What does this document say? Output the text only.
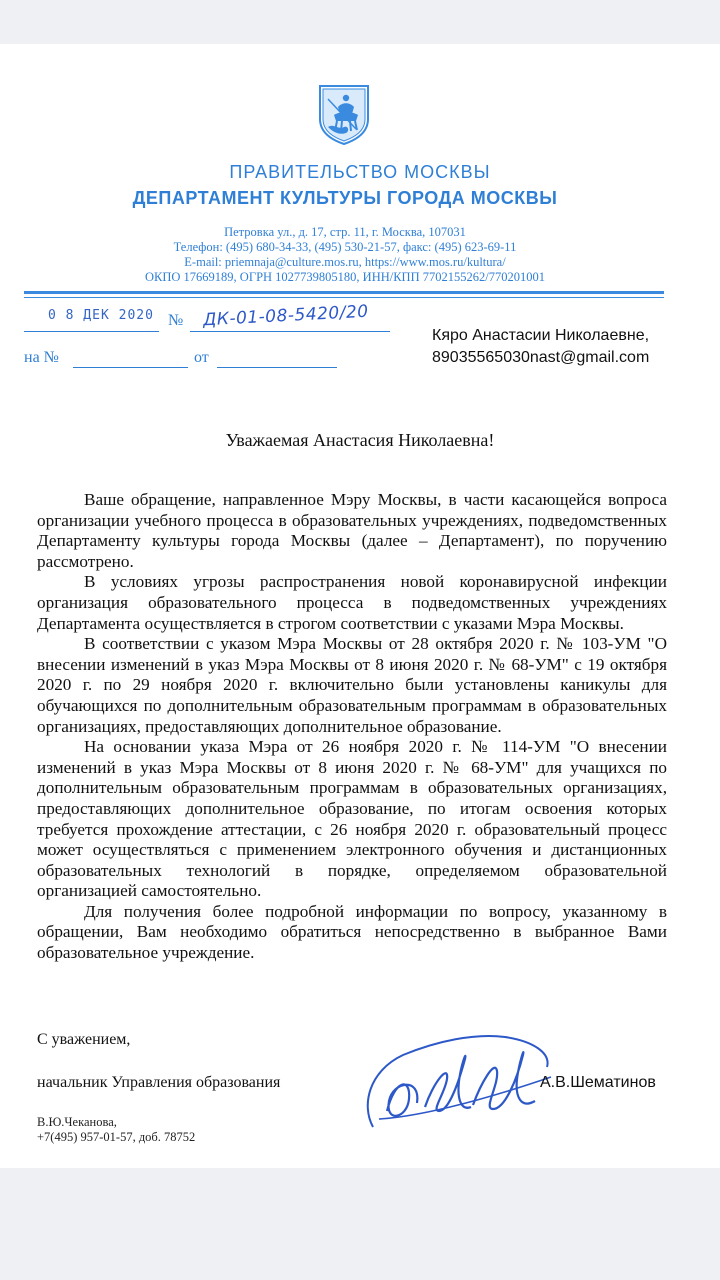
ПРАВИТЕЛЬСТВО МОСКВЫ
ДЕПАРТАМЕНТ КУЛЬТУРЫ ГОРОДА МОСКВЫ
Петровка ул., д. 17, стр. 11, г. Москва, 107031
Телефон: (495) 680-34-33, (495) 530-21-57, факс: (495) 623-69-11
E-mail: priemnaja@culture.mos.ru, https://www.mos.ru/kultura/
ОКПО 17669189, ОГРН 1027739805180, ИНН/КПП 7702155262/770201001
0 8 ДЕК 2020 № ДК-01-08-5420/20
на №	от
Кяро Анастасии Николаевне,
89035565030nast@gmail.com
Уважаемая Анастасия Николаевна!

Ваше обращение, направленное Мэру Москвы, в части касающейся вопроса организации учебного процесса в образовательных учреждениях, подведомственных Департаменту культуры города Москвы (далее – Департамент), по поручению рассмотрено.

В условиях угрозы распространения новой коронавирусной инфекции организация образовательного процесса в подведомственных учреждениях Департамента осуществляется в строгом соответствии с указами Мэра Москвы.

В соответствии с указом Мэра Москвы от 28 октября 2020 г. № 103-УМ "О внесении изменений в указ Мэра Москвы от 8 июня 2020 г. № 68-УМ" с 19 октября 2020 г. по 29 ноября 2020 г. включительно были установлены каникулы для обучающихся по дополнительным образовательным программам в образовательных организациях, предоставляющих дополнительное образование.

На основании указа Мэра от 26 ноября 2020 г. № 114-УМ "О внесении изменений в указ Мэра Москвы от 8 июня 2020 г. № 68-УМ" для учащихся по дополнительным образовательным программам в образовательных организациях, предоставляющих дополнительное образование, по итогам освоения которых требуется прохождение аттестации, с 26 ноября 2020 г. образовательный процесс может осуществляться с применением электронного обучения и дистанционных образовательных технологий в порядке, определяемом образовательной организацией самостоятельно.

Для получения более подробной информации по вопросу, указанному в обращении, Вам необходимо обратиться непосредственно в выбранное Вами образовательное учреждение.

С уважением,
начальник Управления образования	А.В.Шематинов
В.Ю.Чеканова,
+7(495) 957-01-57, доб. 78752
